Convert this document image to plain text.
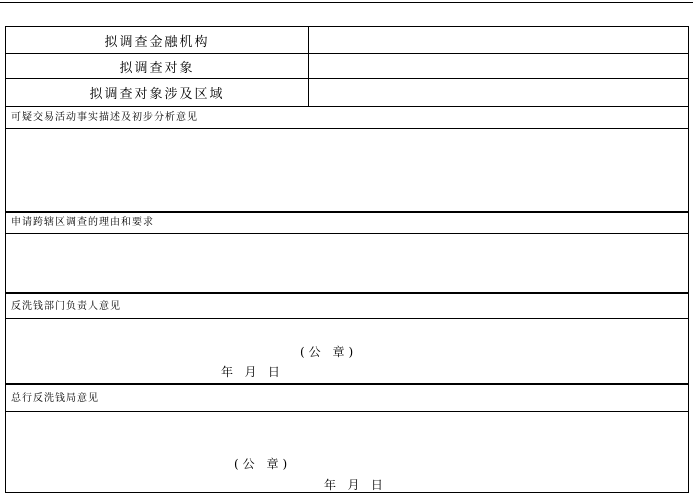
拟调查金融机构
拟调查对象
拟调查对象涉及区域
可疑交易活动事实描述及初步分析意见
申请跨辖区调查的理由和要求
反洗钱部门负责人意见
(公 章)
年   月   日
总行反洗钱局意见
(公 章)
年   月   日
